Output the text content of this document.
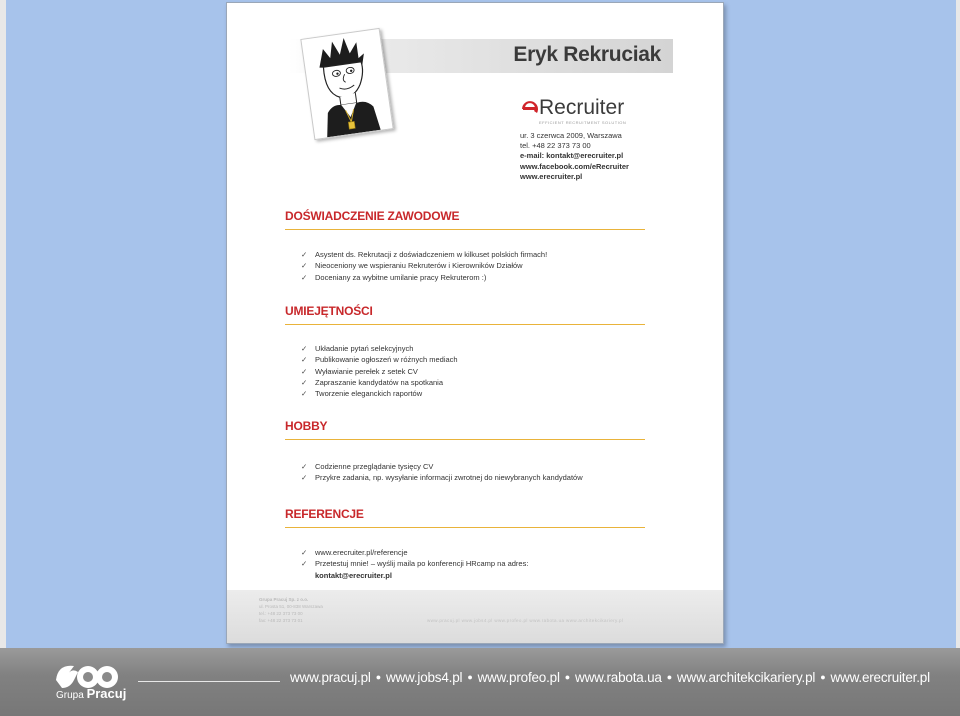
Eryk Rekruciak
Recruiter
EFFICIENT RECRUITMENT SOLUTION
ur. 3 czerwca 2009, Warszawa
tel. +48 22 373 73 00
e-mail: kontakt@erecruiter.pl
www.facebook.com/eRecruiter
www.erecruiter.pl
DOŚWIADCZENIE ZAWODOWE
✓ Asystent ds. Rekrutacji z doświadczeniem w kilkuset polskich firmach!
✓ Nieoceniony we wspieraniu Rekruterów i Kierowników Działów
✓ Doceniany za wybitne umilanie pracy Rekruterom :)
UMIEJĘTNOŚCI
✓ Układanie pytań selekcyjnych
✓ Publikowanie ogłoszeń w różnych mediach
✓ Wyławianie perełek z setek CV
✓ Zapraszanie kandydatów na spotkania
✓ Tworzenie eleganckich raportów
HOBBY
✓ Codzienne przeglądanie tysięcy CV
✓ Przykre zadania, np. wysyłanie informacji zwrotnej do niewybranych kandydatów
REFERENCJE
✓ www.erecruiter.pl/referencje
✓ Przetestuj mnie! – wyślij maila po konferencji HRcamp na adres:
kontakt@erecruiter.pl
Grupa Pracuj Sp. z o.o.
ul. Prosta 51, 00-838 Warszawa
tel.: +48 22 373 73 00
fax: +48 22 373 73 01	www.pracuj.pl www.jobs4.pl www.profeo.pl www.rabota.ua www.architekcikariery.pl
Grupa Pracuj
www.pracuj.pl ● www.jobs4.pl ● www.profeo.pl ● www.rabota.ua ● www.architekcikariery.pl ● www.erecruiter.pl
